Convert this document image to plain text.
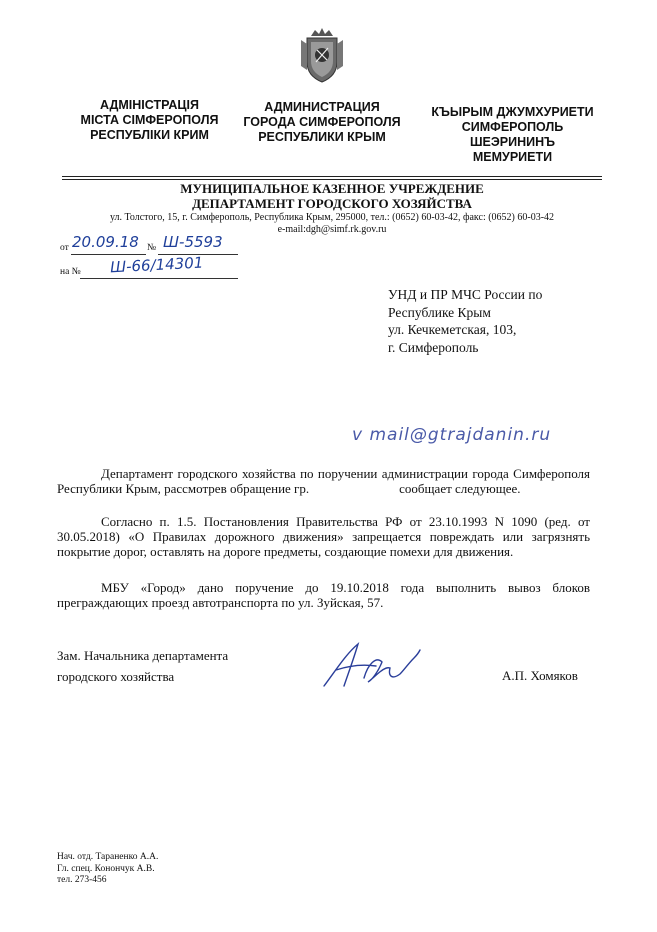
АДМІНІСТРАЦІЯ
МІСТА СІМФЕРОПОЛЯ
РЕСПУБЛІКИ КРИМ
АДМИНИСТРАЦИЯ
ГОРОДА СИМФЕРОПОЛЯ
РЕСПУБЛИКИ КРЫМ
КЪЫРЫМ ДЖУМХУРИЕТИ
СИМФЕРОПОЛЬ
ШЕЭРИНИНЪ
МЕМУРИЕТИ
МУНИЦИПАЛЬНОЕ КАЗЕННОЕ УЧРЕЖДЕНИЕ
ДЕПАРТАМЕНТ ГОРОДСКОГО ХОЗЯЙСТВА
ул. Толстого, 15, г. Симферополь, Республика Крым, 295000, тел.: (0652) 60-03-42, факс: (0652) 60-03-42
e-mail:dgh@simf.rk.gov.ru
от 20.09.18 № Ш-5593
на № Ш-66/14301
УНД и ПР МЧС России по
Республике Крым
ул. Кечкеметская, 103,
г. Симферополь
v mail@gtrajdanin.ru

Департамент городского хозяйства по поручении администрации города Симферополя Республики Крым, рассмотрев обращение гр.	сообщает следующее.

Согласно п. 1.5. Постановления Правительства РФ от 23.10.1993 N 1090 (ред. от 30.05.2018) «О Правилах дорожного движения» запрещается повреждать или загрязнять покрытие дорог, оставлять на дороге предметы, создающие помехи для движения.

МБУ «Город» дано поручение до 19.10.2018 года выполнить вывоз блоков преграждающих проезд автотранспорта по ул. Зуйская, 57.

Зам. Начальника департамента
городского хозяйства	А.П. Хомяков
Нач. отд. Тараненко А.А.
Гл. спец. Конончук А.В.
тел. 273-456
